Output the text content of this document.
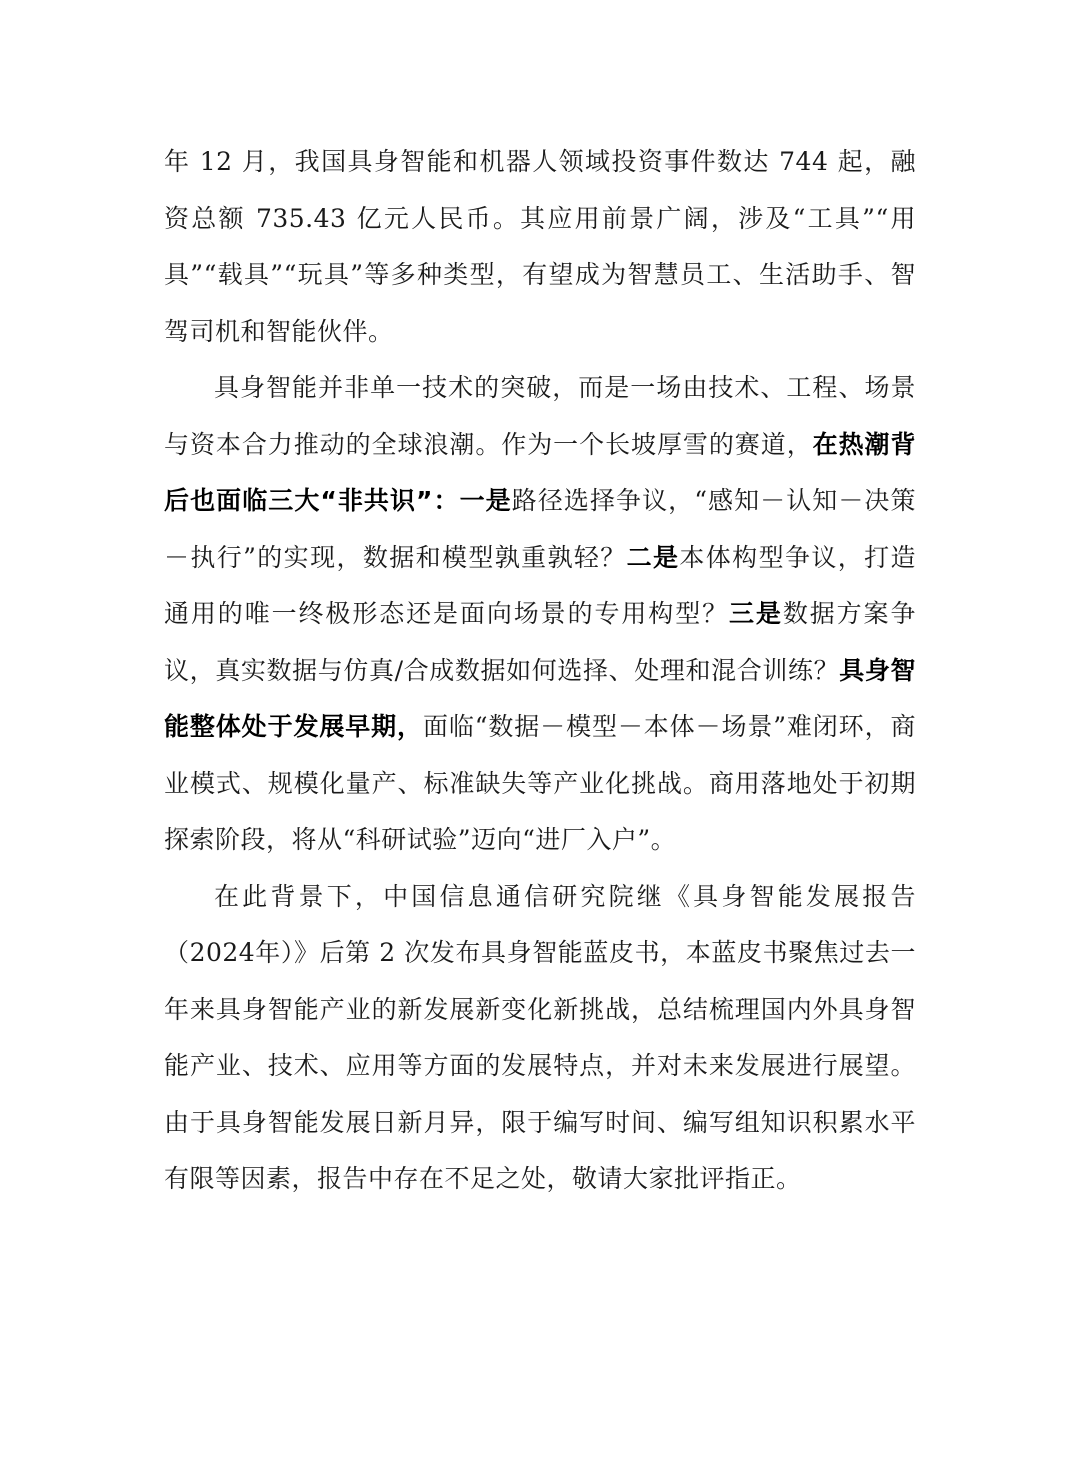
年 12 月，我国具身智能和机器人领域投资事件数达 744 起，融资总额 735.43 亿元人民币。其应用前景广阔，涉及“工具”“用具”“载具”“玩具”等多种类型，有望成为智慧员工、生活助手、智驾司机和智能伙伴。

具身智能并非单一技术的突破，而是一场由技术、工程、场景与资本合力推动的全球浪潮。作为一个长坡厚雪的赛道，在热潮背后也面临三大“非共识”：一是路径选择争议，“感知－认知－决策－执行”的实现，数据和模型孰重孰轻？二是本体构型争议，打造通用的唯一终极形态还是面向场景的专用构型？三是数据方案争议，真实数据与仿真/合成数据如何选择、处理和混合训练？具身智能整体处于发展早期，面临“数据－模型－本体－场景”难闭环，商业模式、规模化量产、标准缺失等产业化挑战。商用落地处于初期探索阶段，将从“科研试验”迈向“进厂入户”。

在此背景下，中国信息通信研究院继《具身智能发展报告（2024年）》后第 2 次发布具身智能蓝皮书，本蓝皮书聚焦过去一年来具身智能产业的新发展新变化新挑战，总结梳理国内外具身智能产业、技术、应用等方面的发展特点，并对未来发展进行展望。由于具身智能发展日新月异，限于编写时间、编写组知识积累水平有限等因素，报告中存在不足之处，敬请大家批评指正。
